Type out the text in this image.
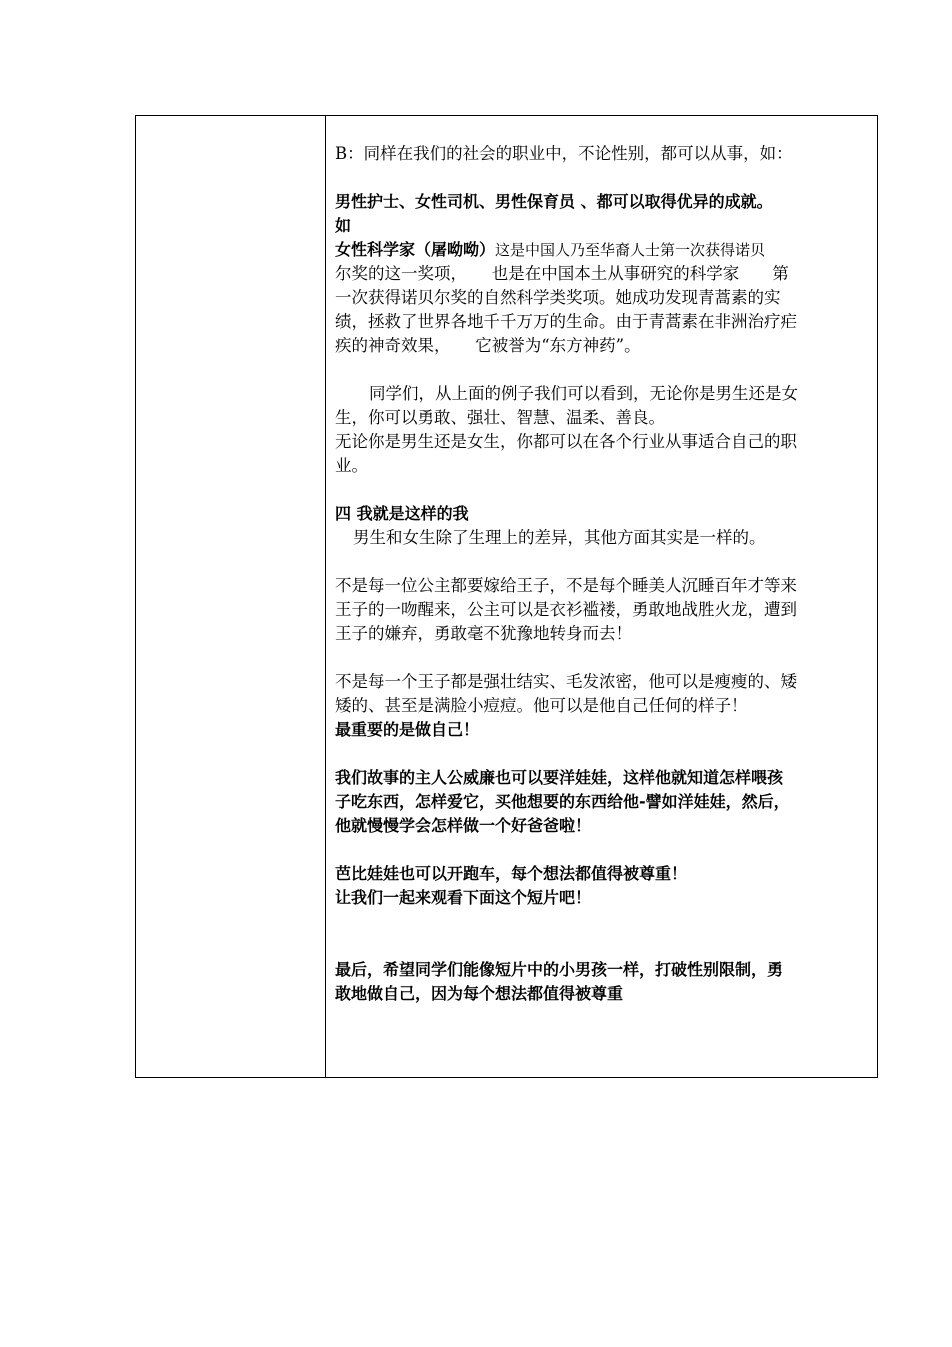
B：同样在我们的社会的职业中，不论性别，都可以从事，如：
男性护士、女性司机、男性保育员 、都可以取得优异的成就。
如
女性科学家（屠呦呦）这是中国人乃至华裔人士第一次获得诺贝
尔奖的这一奖项，　　也是在中国本土从事研究的科学家　　第
一次获得诺贝尔奖的自然科学类奖项。她成功发现青蒿素的实
绩，拯救了世界各地千千万万的生命。由于青蒿素在非洲治疗疟
疾的神奇效果，　　它被誉为“东方神药”。
同学们，从上面的例子我们可以看到，无论你是男生还是女
生，你可以勇敢、强壮、智慧、温柔、善良。
无论你是男生还是女生，你都可以在各个行业从事适合自己的职
业。
四 我就是这样的我
男生和女生除了生理上的差异，其他方面其实是一样的。
不是每一位公主都要嫁给王子，不是每个睡美人沉睡百年才等来
王子的一吻醒来，公主可以是衣衫褴褛，勇敢地战胜火龙，遭到
王子的嫌弃，勇敢毫不犹豫地转身而去！
不是每一个王子都是强壮结实、毛发浓密，他可以是瘦瘦的、矮
矮的、甚至是满脸小痘痘。他可以是他自己任何的样子！
最重要的是做自己！
我们故事的主人公威廉也可以要洋娃娃，这样他就知道怎样喂孩
子吃东西，怎样爱它，买他想要的东西给他-譬如洋娃娃，然后，
他就慢慢学会怎样做一个好爸爸啦！
芭比娃娃也可以开跑车，每个想法都值得被尊重！
让我们一起来观看下面这个短片吧！
最后，希望同学们能像短片中的小男孩一样，打破性别限制，勇
敢地做自己，因为每个想法都值得被尊重
